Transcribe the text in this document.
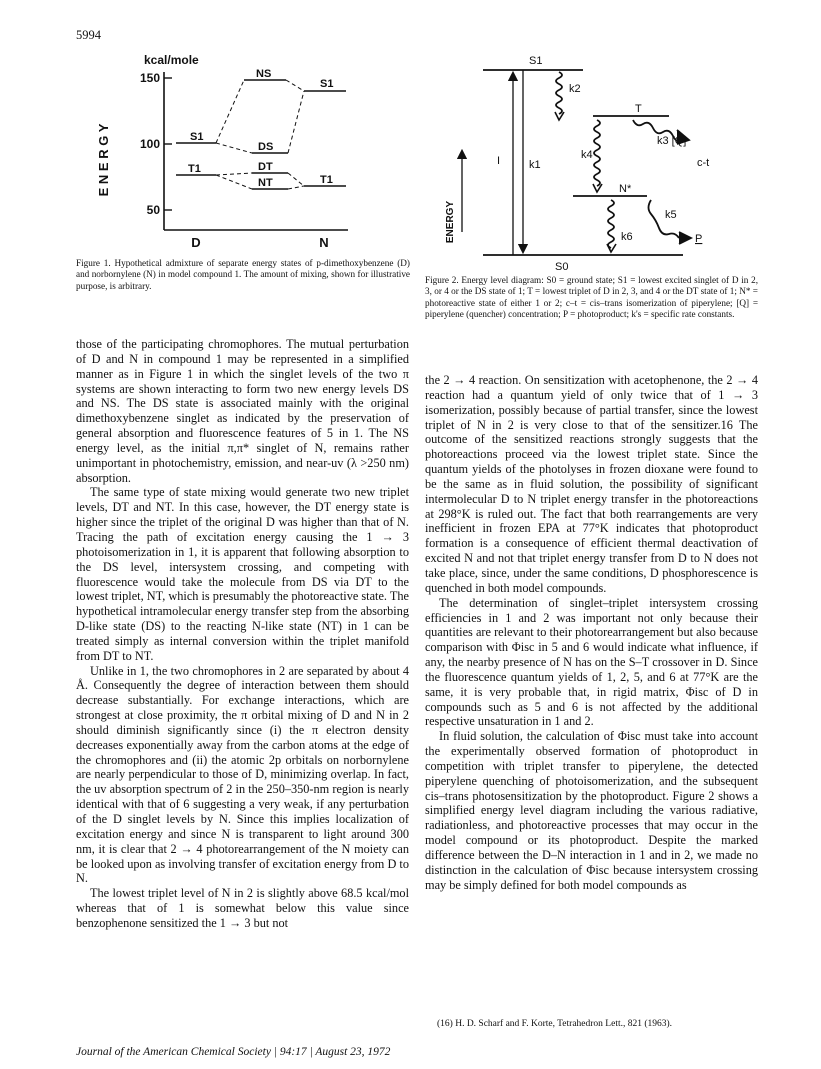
5994
kcal/mole
E N E R G Y
150
100
50
S1
T1
NS
S1
DS
DT
NT	T1
D	N
Figure 1. Hypothetical admixture of separate energy states of p-dimethoxybenzene (D) and norbornylene (N) in model compound 1. The amount of mixing, shown for illustrative purpose, is arbitrary.
ENERGY
S1
k2
T
k3 [Q]
k4
c-t
I	k1
N*
k5
k6	P
S0
Figure 2. Energy level diagram: S0 = ground state; S1 = lowest excited singlet of D in 2, 3, or 4 or the DS state of 1; T = lowest triplet of D in 2, 3, and 4 or the DT state of 1; N* = photoreactive state of either 1 or 2; c–t = cis–trans isomerization of piperylene; [Q] = piperylene (quencher) concentration; P = photoproduct; k's = specific rate constants.

those of the participating chromophores. The mutual perturbation of D and N in compound 1 may be represented in a simplified manner as in Figure 1 in which the singlet levels of the two π systems are shown interacting to form two new energy levels DS and NS. The DS state is associated mainly with the original dimethoxybenzene singlet as indicated by the preservation of general absorption and fluorescence features of 5 in 1. The NS energy level, as the initial π,π* singlet of N, remains rather unimportant in photochemistry, emission, and near-uv (λ >250 nm) absorption.

The same type of state mixing would generate two new triplet levels, DT and NT. In this case, however, the DT energy state is higher since the triplet of the original D was higher than that of N. Tracing the path of excitation energy causing the 1 → 3 photoisomerization in 1, it is apparent that following absorption to the DS level, intersystem crossing, and competing with fluorescence would take the molecule from DS via DT to the lowest triplet, NT, which is presumably the photoreactive state. The hypothetical intramolecular energy transfer step from the absorbing D-like state (DS) to the reacting N-like state (NT) in 1 can be treated simply as internal conversion within the triplet manifold from DT to NT.

Unlike in 1, the two chromophores in 2 are separated by about 4 Å. Consequently the degree of interaction between them should decrease substantially. For exchange interactions, which are strongest at close proximity, the π orbital mixing of D and N in 2 should diminish significantly since (i) the π electron density decreases exponentially away from the carbon atoms at the edge of the chromophores and (ii) the atomic 2p orbitals on norbornylene are nearly perpendicular to those of D, minimizing overlap. In fact, the uv absorption spectrum of 2 in the 250–350-nm region is nearly identical with that of 6 suggesting a very weak, if any perturbation of the D singlet levels by N. Since this implies localization of excitation energy and since N is transparent to light around 300 nm, it is clear that 2 → 4 photorearrangement of the N moiety can be looked upon as involving transfer of excitation energy from D to N.

The lowest triplet level of N in 2 is slightly above 68.5 kcal/mol whereas that of 1 is somewhat below this value since benzophenone sensitized the 1 → 3 but not

the 2 → 4 reaction. On sensitization with acetophenone, the 2 → 4 reaction had a quantum yield of only twice that of 1 → 3 isomerization, possibly because of partial transfer, since the lowest triplet of N in 2 is very close to that of the sensitizer.16 The outcome of the sensitized reactions strongly suggests that the photoreactions proceed via the lowest triplet state. Since the quantum yields of the photolyses in frozen dioxane were found to be the same as in fluid solution, the possibility of significant intermolecular D to N triplet energy transfer in the photoreactions at 298°K is ruled out. The fact that both rearrangements are very inefficient in frozen EPA at 77°K indicates that photoproduct formation is a consequence of efficient thermal deactivation of excited N and not that triplet energy transfer from D to N does not take place, since, under the same conditions, D phosphorescence is quenched in both model compounds.

The determination of singlet–triplet intersystem crossing efficiencies in 1 and 2 was important not only because their quantities are relevant to their photorearrangement but also because comparison with Φisc in 5 and 6 would indicate what influence, if any, the nearby presence of N has on the S–T crossover in D. Since the fluorescence quantum yields of 1, 2, 5, and 6 at 77°K are the same, it is very probable that, in rigid matrix, Φisc of D in compounds such as 5 and 6 is not affected by the additional respective unsaturation in 1 and 2.

In fluid solution, the calculation of Φisc must take into account the experimentally observed formation of photoproduct in competition with triplet transfer to piperylene, the detected piperylene quenching of photoisomerization, and the subsequent cis–trans photosensitization by the photoproduct. Figure 2 shows a simplified energy level diagram including the various radiative, radiationless, and photoreactive processes that may occur in the model compound or its photoproduct. Despite the marked difference between the D–N interaction in 1 and in 2, we made no distinction in the calculation of Φisc because intersystem crossing may be simply defined for both model compounds as

(16) H. D. Scharf and F. Korte, Tetrahedron Lett., 821 (1963).
Journal of the American Chemical Society | 94:17 | August 23, 1972
